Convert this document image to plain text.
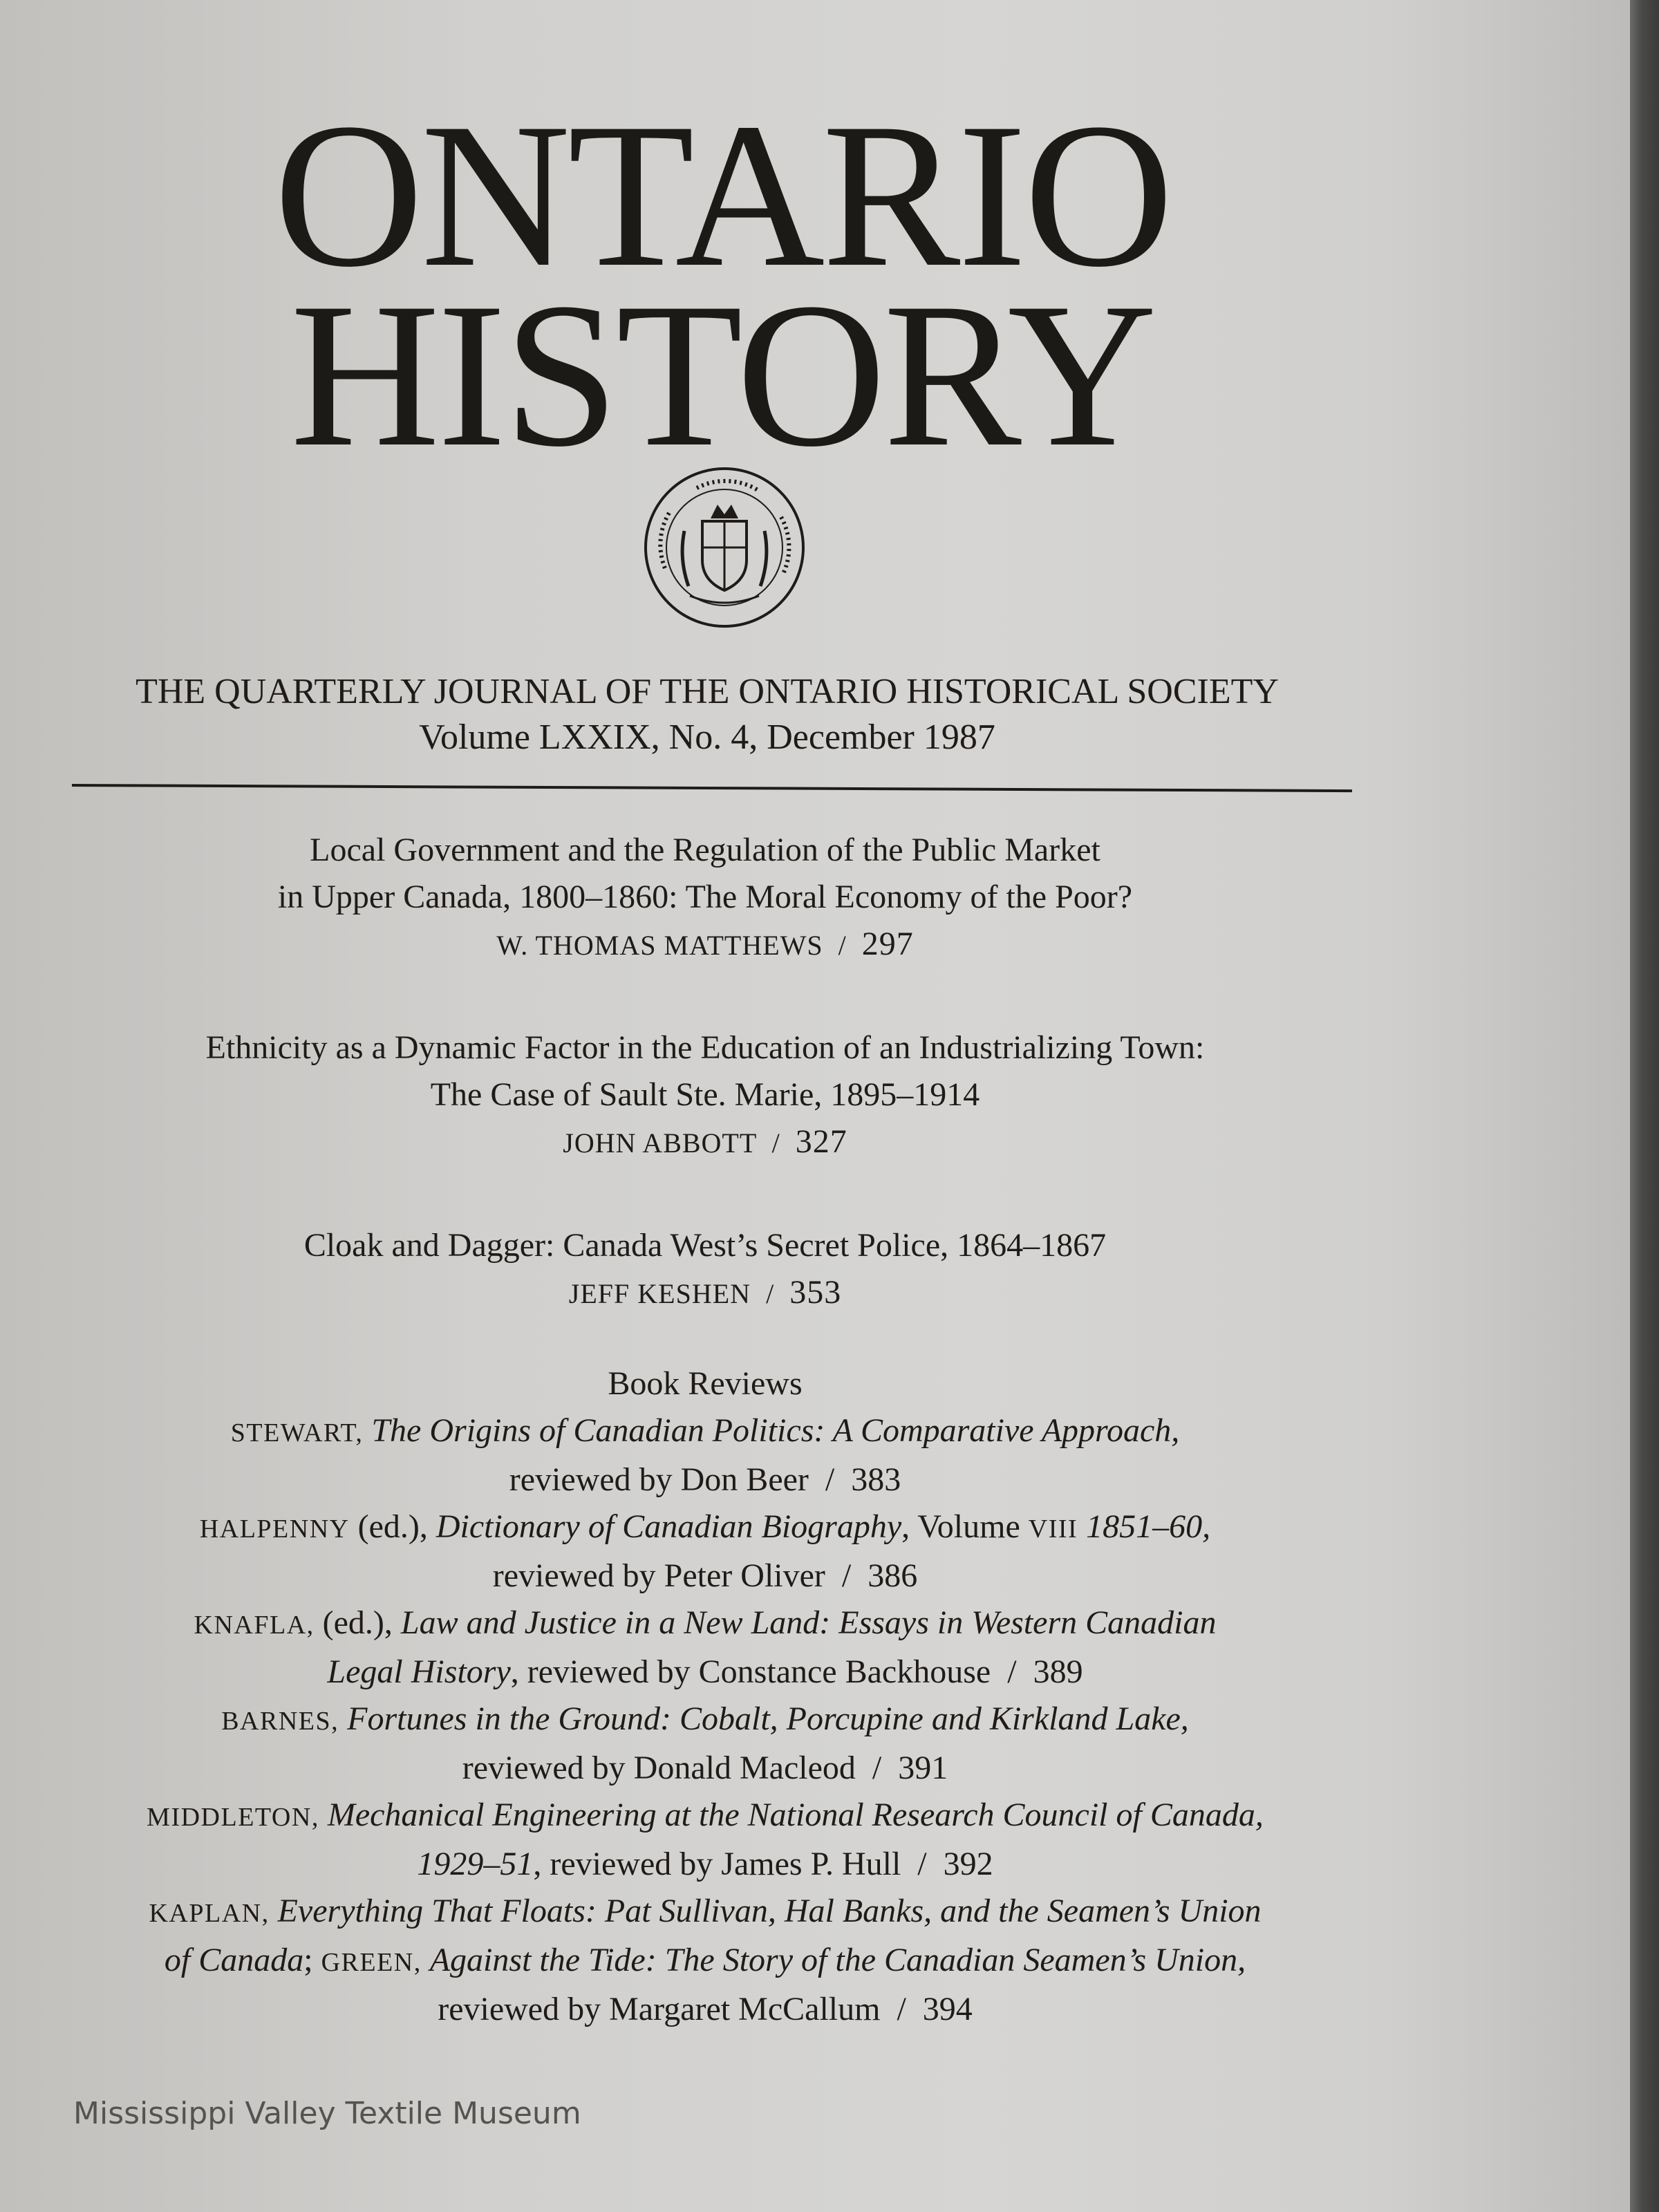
ONTARIO
HISTORY
THE QUARTERLY JOURNAL OF THE ONTARIO HISTORICAL SOCIETY
Volume LXXIX, No. 4, December 1987
Local Government and the Regulation of the Public Market
in Upper Canada, 1800–1860: The Moral Economy of the Poor?
W. THOMAS MATTHEWS / 297
Ethnicity as a Dynamic Factor in the Education of an Industrializing Town:
The Case of Sault Ste. Marie, 1895–1914
JOHN ABBOTT / 327
Cloak and Dagger: Canada West’s Secret Police, 1864–1867
JEFF KESHEN / 353
Book Reviews
STEWART, The Origins of Canadian Politics: A Comparative Approach,
reviewed by Don Beer / 383
HALPENNY (ed.), Dictionary of Canadian Biography, Volume VIII 1851–60,
reviewed by Peter Oliver / 386
KNAFLA, (ed.), Law and Justice in a New Land: Essays in Western Canadian
Legal History, reviewed by Constance Backhouse / 389
BARNES, Fortunes in the Ground: Cobalt, Porcupine and Kirkland Lake,
reviewed by Donald Macleod / 391
MIDDLETON, Mechanical Engineering at the National Research Council of Canada,
1929–51, reviewed by James P. Hull / 392
KAPLAN, Everything That Floats: Pat Sullivan, Hal Banks, and the Seamen’s Union
of Canada; GREEN, Against the Tide: The Story of the Canadian Seamen’s Union,
reviewed by Margaret McCallum / 394
Mississippi Valley Textile Museum
